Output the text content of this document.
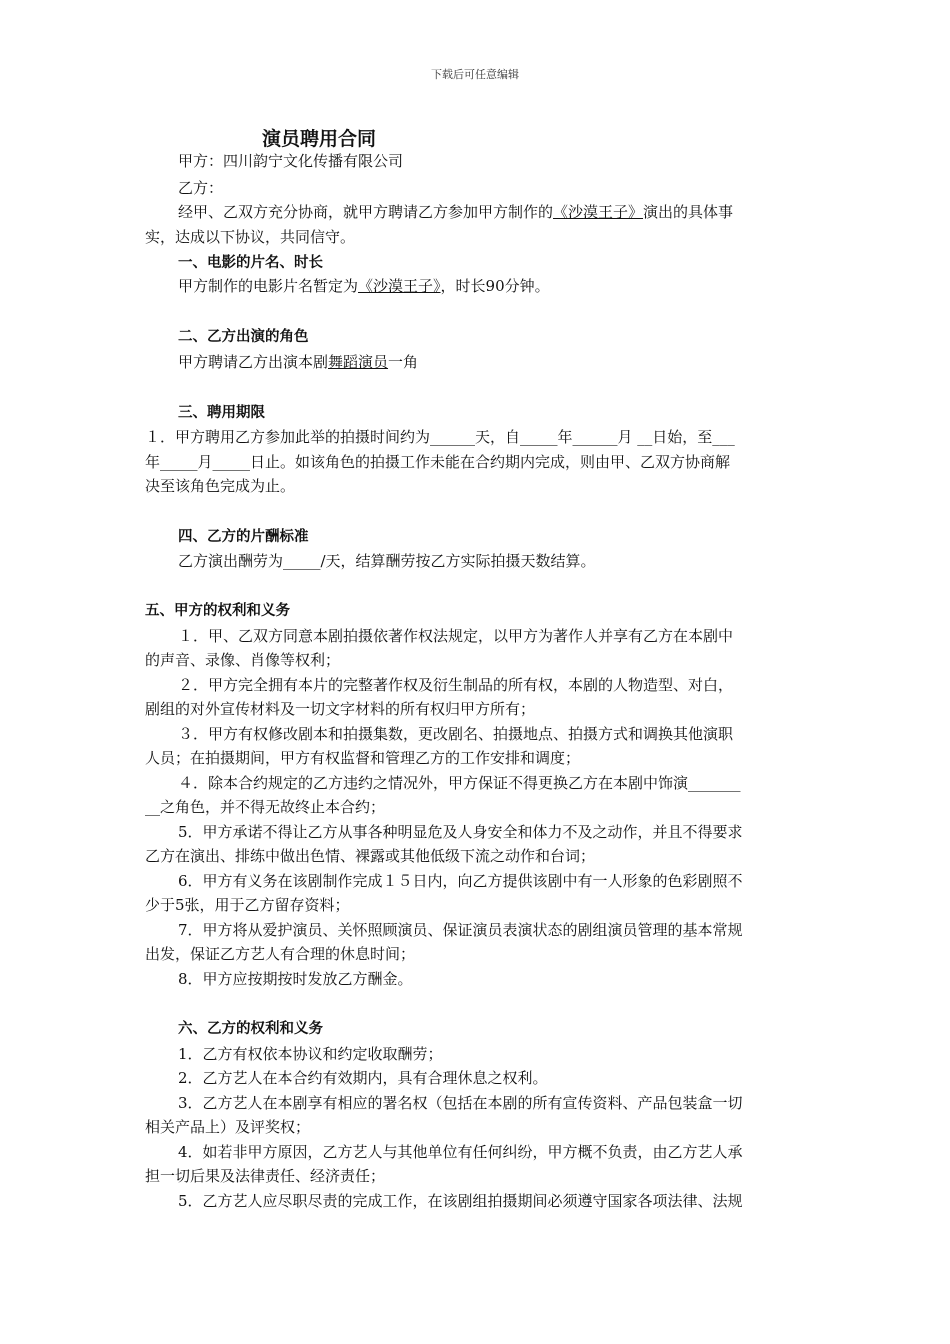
下载后可任意编辑
演员聘用合同
甲方：四川韵宁文化传播有限公司
乙方：
经甲、乙双方充分协商，就甲方聘请乙方参加甲方制作的《沙漠王子》演出的具体事
实，达成以下协议，共同信守。
一、电影的片名、时长
甲方制作的电影片名暂定为《沙漠王子》，时长90分钟。
二、乙方出演的角色
甲方聘请乙方出演本剧舞蹈演员一角
三、聘用期限
１．甲方聘用乙方参加此举的拍摄时间约为______天，自_____年______月 __日始，至___
年_____月_____日止。如该角色的拍摄工作未能在合约期内完成，则由甲、乙双方协商解
决至该角色完成为止。
四、乙方的片酬标准
乙方演出酬劳为_____/天，结算酬劳按乙方实际拍摄天数结算。
五、甲方的权利和义务
１．甲、乙双方同意本剧拍摄依著作权法规定，以甲方为著作人并享有乙方在本剧中
的声音、录像、肖像等权利；
２．甲方完全拥有本片的完整著作权及衍生制品的所有权，本剧的人物造型、对白，
剧组的对外宣传材料及一切文字材料的所有权归甲方所有；
３．甲方有权修改剧本和拍摄集数，更改剧名、拍摄地点、拍摄方式和调换其他演职
人员；在拍摄期间，甲方有权监督和管理乙方的工作安排和调度；
４．除本合约规定的乙方违约之情况外，甲方保证不得更换乙方在本剧中饰演_______
__之角色，并不得无故终止本合约；
5．甲方承诺不得让乙方从事各种明显危及人身安全和体力不及之动作，并且不得要求
乙方在演出、排练中做出色情、裸露或其他低级下流之动作和台词；
6．甲方有义务在该剧制作完成１５日内，向乙方提供该剧中有一人形象的色彩剧照不
少于5张，用于乙方留存资料；
7．甲方将从爱护演员、关怀照顾演员、保证演员表演状态的剧组演员管理的基本常规
出发，保证乙方艺人有合理的休息时间；
8．甲方应按期按时发放乙方酬金。
六、乙方的权利和义务
1．乙方有权依本协议和约定收取酬劳；
2．乙方艺人在本合约有效期内，具有合理休息之权利。
3．乙方艺人在本剧享有相应的署名权（包括在本剧的所有宣传资料、产品包装盒一切
相关产品上）及评奖权；
4．如若非甲方原因，乙方艺人与其他单位有任何纠纷，甲方概不负责，由乙方艺人承
担一切后果及法律责任、经济责任；
5．乙方艺人应尽职尽责的完成工作，在该剧组拍摄期间必须遵守国家各项法律、法规
